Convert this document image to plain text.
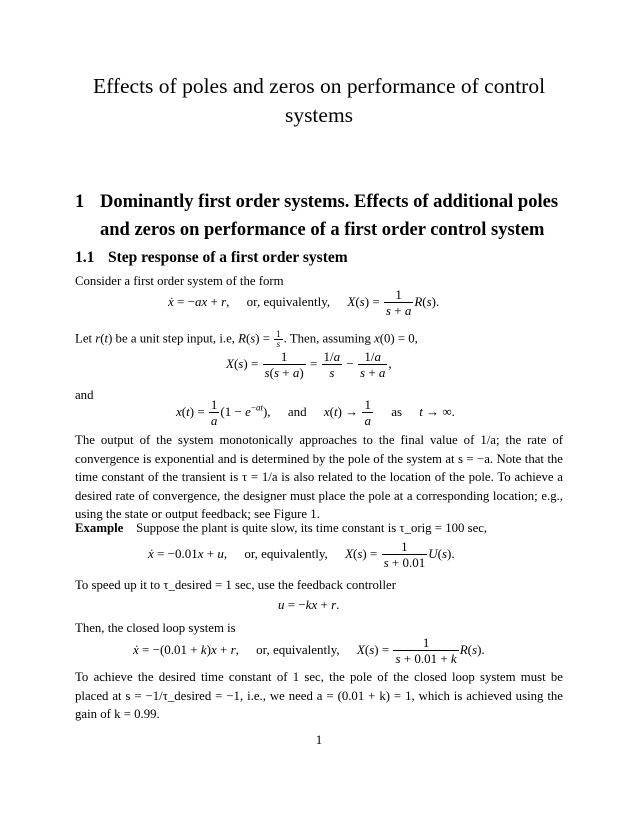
Effects of poles and zeros on performance of control systems
1 Dominantly first order systems. Effects of additional poles and zeros on performance of a first order control system
1.1 Step response of a first order system
Consider a first order system of the form
ẋ = −ax + r, or, equivalently, $X(s) = \frac{1}{s + a} R(s)$.
Let r(t) be a unit step input, i.e, $R(s) = \frac{1}{s}$ . Then, assuming x(0) = 0,
$X(s) = \frac{1}{s(s + a)} = \frac{1/a}{s} - \frac{1/a}{s + a}$ ,
and
$x(t) = \frac{1}{a} (1 - e^{-at})$, and $x(t) \to \frac{1}{a}$ as t → ∞.
The output of the system monotonically approaches to the final value of 1/a; the rate of convergence is exponential and is determined by the pole of the system at s = −a. Note that the time constant of the transient is τ = 1/a is also related to the location of the pole. To achieve a desired rate of convergence, the designer must place the pole at a corresponding location; e.g., using the state or output feedback; see Figure 1.
Example Suppose the plant is quite slow, its time constant is τ_orig = 100 sec,
ẋ = −0.01x + u, or, equivalently, $X(s) = \frac{1}{s + 0.01} U(s)$.
To speed up it to τ_desired = 1 sec, use the feedback controller
u = −kx + r.
Then, the closed loop system is
ẋ = −(0.01 + k)x + r, or, equivalently, $X(s) = \frac{1}{s + 0.01 + k} R(s)$.
To achieve the desired time constant of 1 sec, the pole of the closed loop system must be placed at s = −1/τ_desired = −1, i.e., we need a = (0.01 + k) = 1, which is achieved using the gain of k = 0.99.
1
